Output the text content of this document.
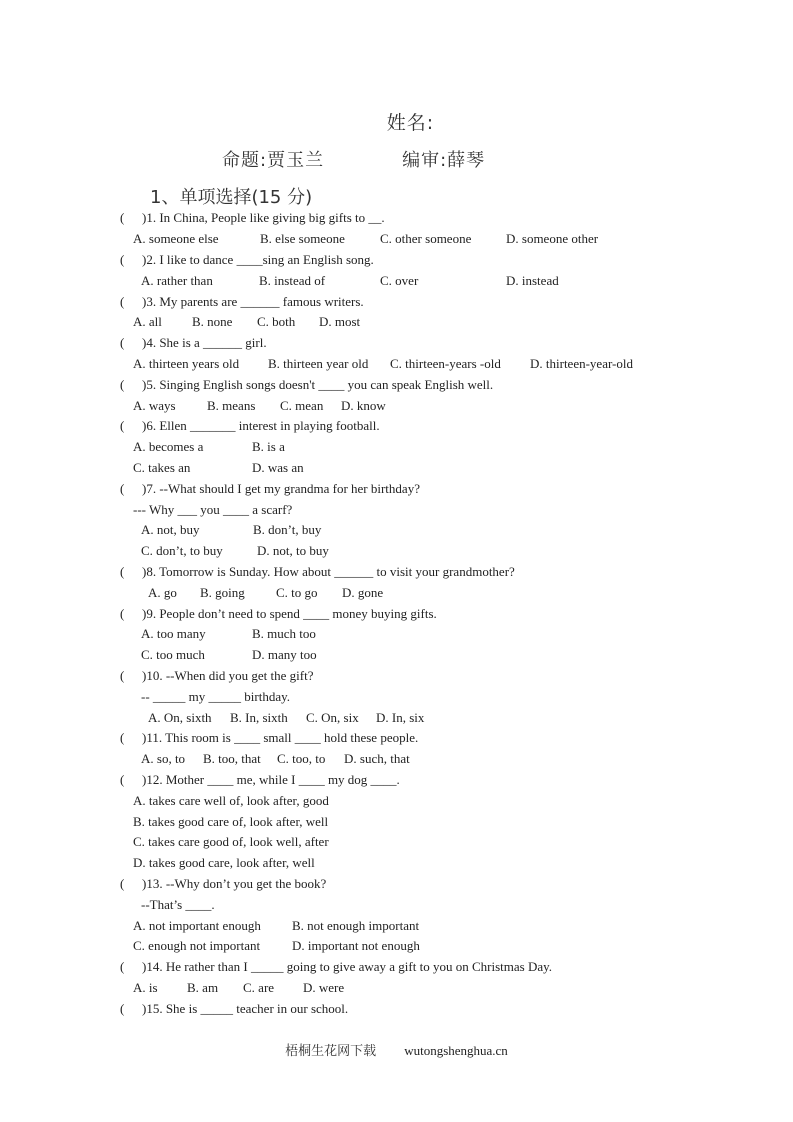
姓名:
命题:贾玉兰	编审:薛琴
1、单项选择(15 分)
( )1. In China, People like giving big gifts to __.
A. someone else	B. else someone	C. other someone	D. someone other
( )2. I like to dance ____sing an English song.
A. rather than	B. instead of	C. over	D. instead
( )3. My parents are ______ famous writers.
A. all B. none C. both D. most
( )4. She is a ______ girl.
A. thirteen years old B. thirteen year old C. thirteen-years -old D. thirteen-year-old
( )5. Singing English songs doesn't ____ you can speak English well.
A. ways B. means C. mean D. know
( )6. Ellen _______ interest in playing football.
A. becomes a	B. is a
C. takes an	D. was an
( )7. --What should I get my grandma for her birthday?
--- Why ___ you ____ a scarf?
A. not, buy	B. don’t, buy
C. don’t, to buy	D. not, to buy
( )8. Tomorrow is Sunday. How about ______ to visit your grandmother?
A. go B. going C. to go D. gone
( )9. People don’t need to spend ____ money buying gifts.
A. too many	B. much too
C. too much	D. many too
( )10. --When did you get the gift?
-- _____ my _____ birthday.
A. On, sixth B. In, sixth C. On, six D. In, six
( )11. This room is ____ small ____ hold these people.
A. so, to B. too, that C. too, to D. such, that
( )12. Mother ____ me, while I ____ my dog ____.
A. takes care well of, look after, good
B. takes good care of, look after, well
C. takes care good of, look well, after
D. takes good care, look after, well
( )13. --Why don’t you get the book?
--That’s ____.
A. not important enough B. not enough important
C. enough not important D. important not enough
( )14. He rather than I _____ going to give away a gift to you on Christmas Day.
A. is B. am C. are D. were
( )15. She is _____ teacher in our school.
梧桐生花网下载 wutongshenghua.cn
